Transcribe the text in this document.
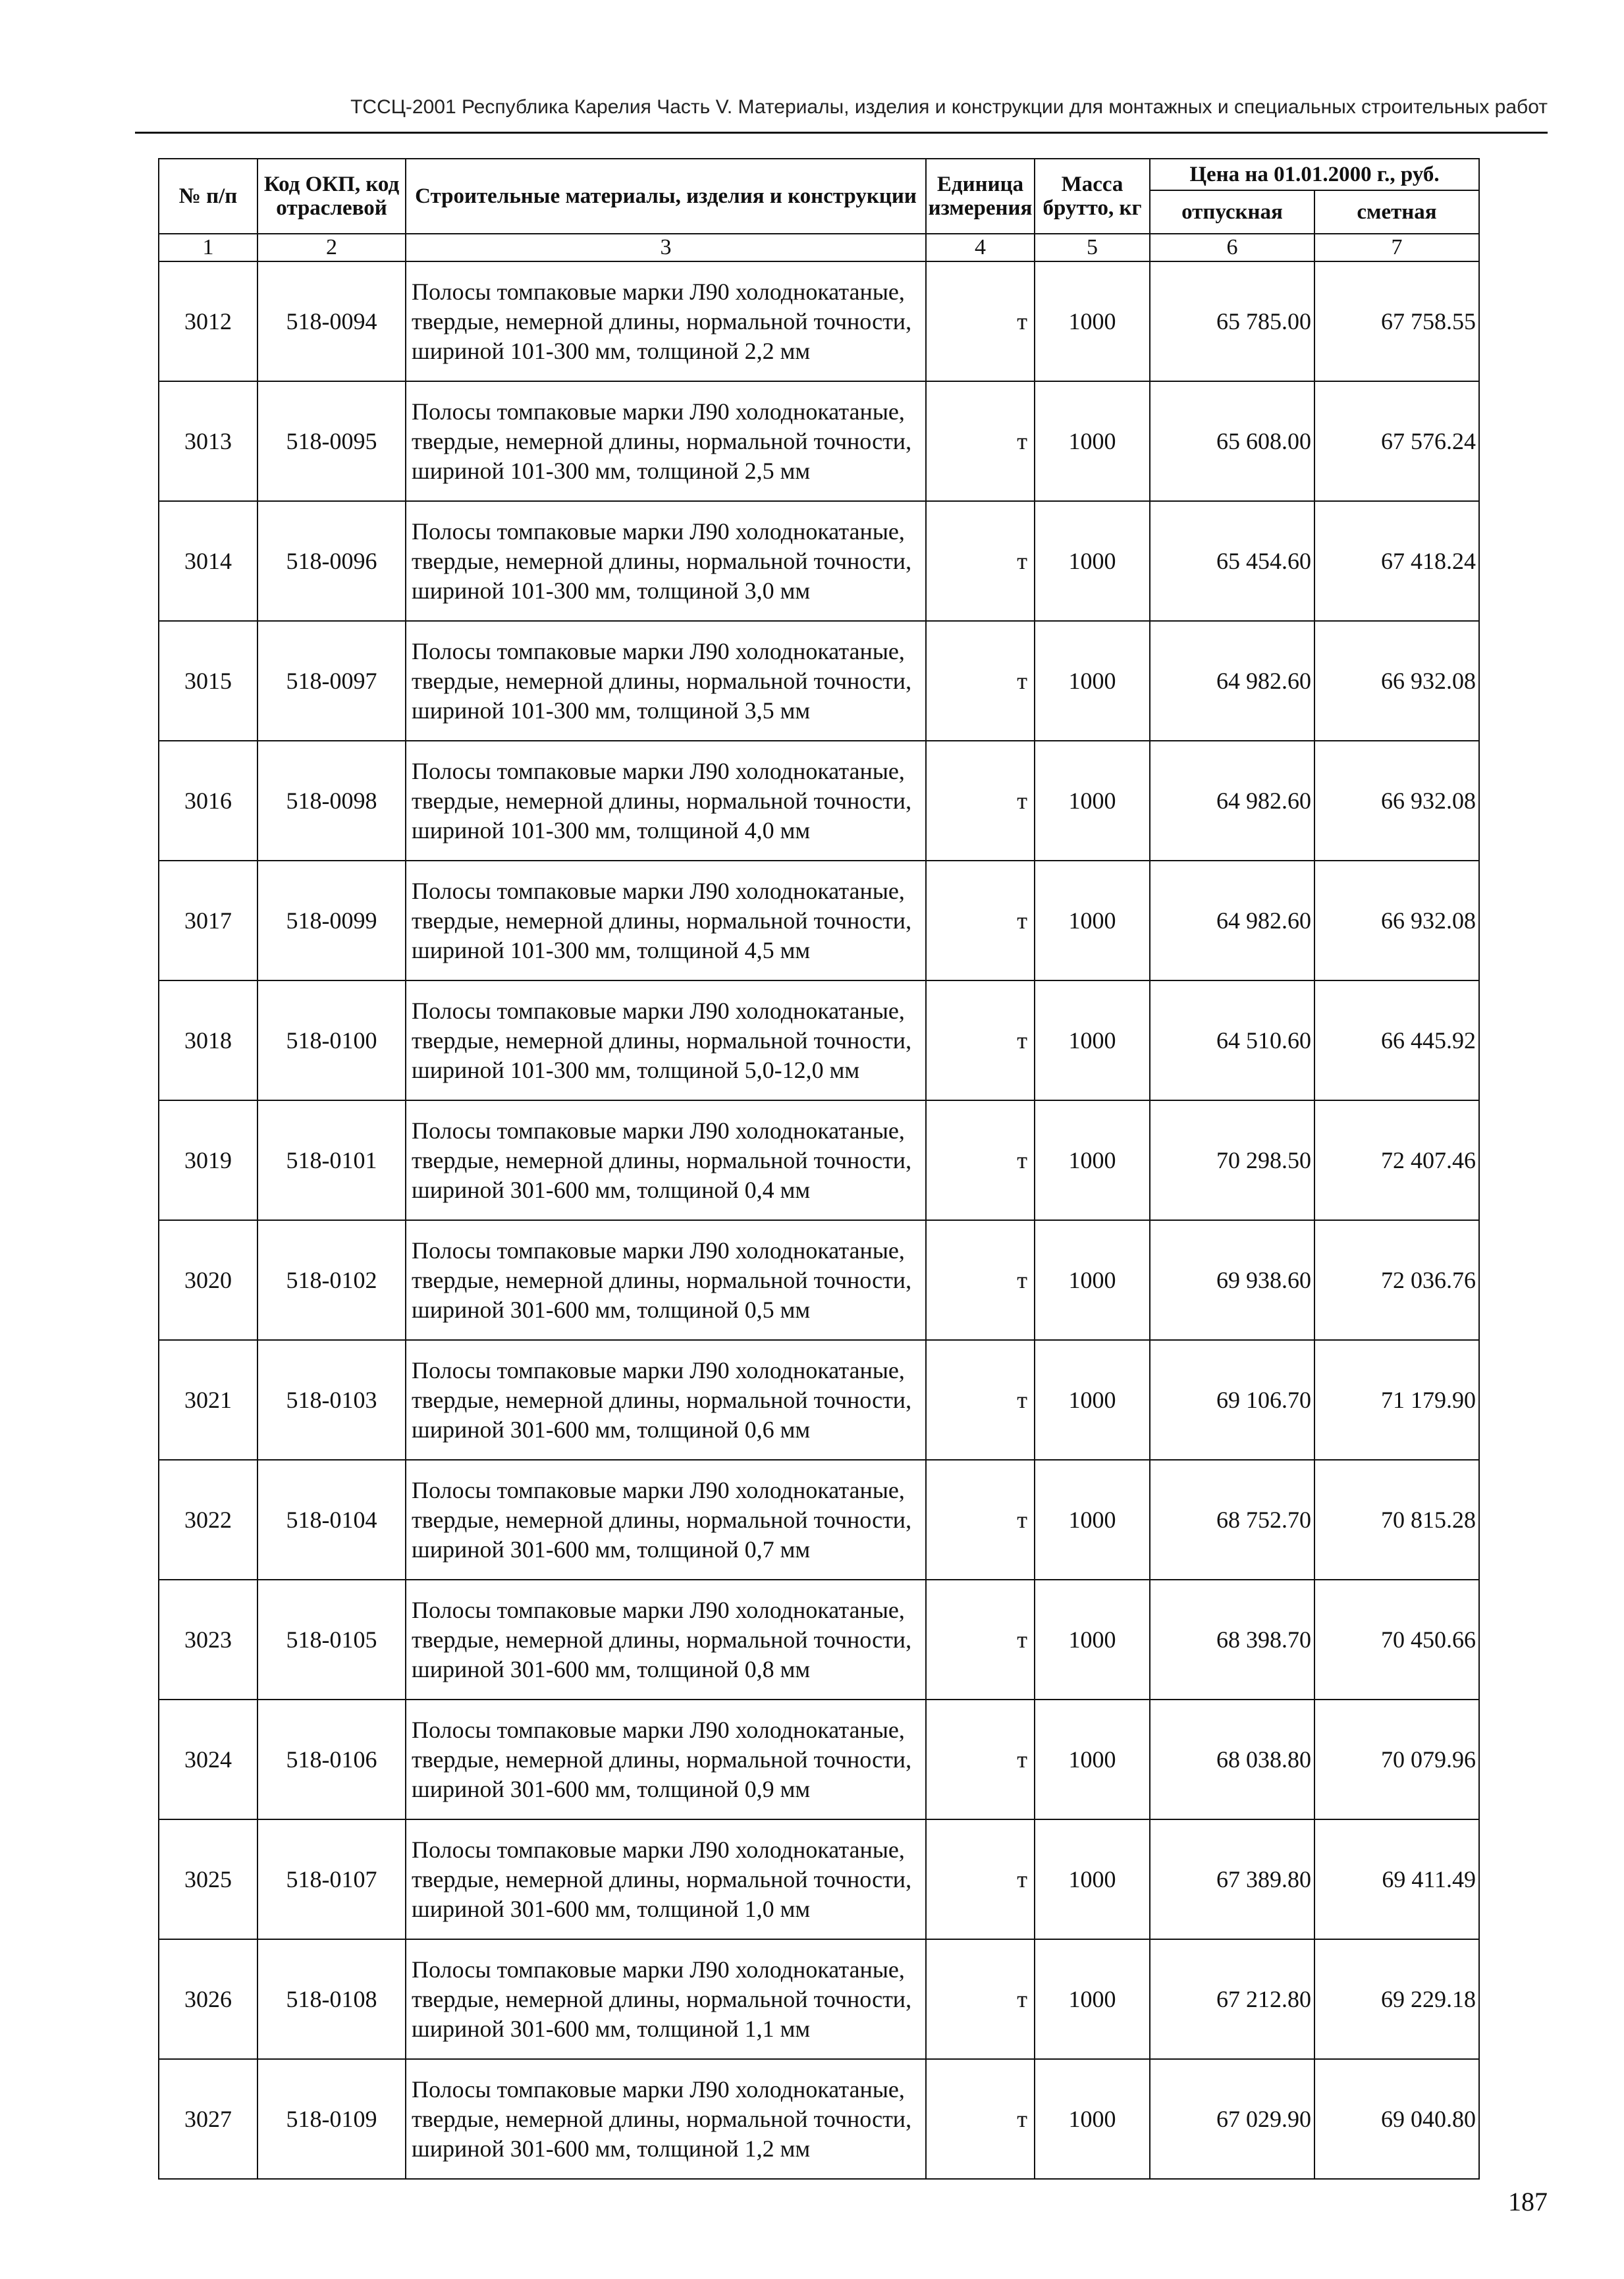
ТССЦ-2001 Республика Карелия Часть V. Материалы, изделия и конструкции для монтажных и специальных строительных работ
№ п/п	Код ОКП, код отраслевой	Строительные материалы, изделия и конструкции	Единица измерения	Масса брутто, кг	Цена на 01.01.2000 г., руб.	
					отпускная	сметная
1	2	3	4	5	6	7
3012	518-0094	Полосы томпаковые марки Л90 холоднокатаные, твердые, немерной длины, нормальной точности, шириной 101-300 мм, толщиной 2,2 мм	т	1000	65 785.00	67 758.55
3013	518-0095	Полосы томпаковые марки Л90 холоднокатаные, твердые, немерной длины, нормальной точности, шириной 101-300 мм, толщиной 2,5 мм	т	1000	65 608.00	67 576.24
3014	518-0096	Полосы томпаковые марки Л90 холоднокатаные, твердые, немерной длины, нормальной точности, шириной 101-300 мм, толщиной 3,0 мм	т	1000	65 454.60	67 418.24
3015	518-0097	Полосы томпаковые марки Л90 холоднокатаные, твердые, немерной длины, нормальной точности, шириной 101-300 мм, толщиной 3,5 мм	т	1000	64 982.60	66 932.08
3016	518-0098	Полосы томпаковые марки Л90 холоднокатаные, твердые, немерной длины, нормальной точности, шириной 101-300 мм, толщиной 4,0 мм	т	1000	64 982.60	66 932.08
3017	518-0099	Полосы томпаковые марки Л90 холоднокатаные, твердые, немерной длины, нормальной точности, шириной 101-300 мм, толщиной 4,5 мм	т	1000	64 982.60	66 932.08
3018	518-0100	Полосы томпаковые марки Л90 холоднокатаные, твердые, немерной длины, нормальной точности, шириной 101-300 мм, толщиной 5,0-12,0 мм	т	1000	64 510.60	66 445.92
3019	518-0101	Полосы томпаковые марки Л90 холоднокатаные, твердые, немерной длины, нормальной точности, шириной 301-600 мм, толщиной 0,4 мм	т	1000	70 298.50	72 407.46
3020	518-0102	Полосы томпаковые марки Л90 холоднокатаные, твердые, немерной длины, нормальной точности, шириной 301-600 мм, толщиной 0,5 мм	т	1000	69 938.60	72 036.76
3021	518-0103	Полосы томпаковые марки Л90 холоднокатаные, твердые, немерной длины, нормальной точности, шириной 301-600 мм, толщиной 0,6 мм	т	1000	69 106.70	71 179.90
3022	518-0104	Полосы томпаковые марки Л90 холоднокатаные, твердые, немерной длины, нормальной точности, шириной 301-600 мм, толщиной 0,7 мм	т	1000	68 752.70	70 815.28
3023	518-0105	Полосы томпаковые марки Л90 холоднокатаные, твердые, немерной длины, нормальной точности, шириной 301-600 мм, толщиной 0,8 мм	т	1000	68 398.70	70 450.66
3024	518-0106	Полосы томпаковые марки Л90 холоднокатаные, твердые, немерной длины, нормальной точности, шириной 301-600 мм, толщиной 0,9 мм	т	1000	68 038.80	70 079.96
3025	518-0107	Полосы томпаковые марки Л90 холоднокатаные, твердые, немерной длины, нормальной точности, шириной 301-600 мм, толщиной 1,0 мм	т	1000	67 389.80	69 411.49
3026	518-0108	Полосы томпаковые марки Л90 холоднокатаные, твердые, немерной длины, нормальной точности, шириной 301-600 мм, толщиной 1,1 мм	т	1000	67 212.80	69 229.18
3027	518-0109	Полосы томпаковые марки Л90 холоднокатаные, твердые, немерной длины, нормальной точности, шириной 301-600 мм, толщиной 1,2 мм	т	1000	67 029.90	69 040.80
187
